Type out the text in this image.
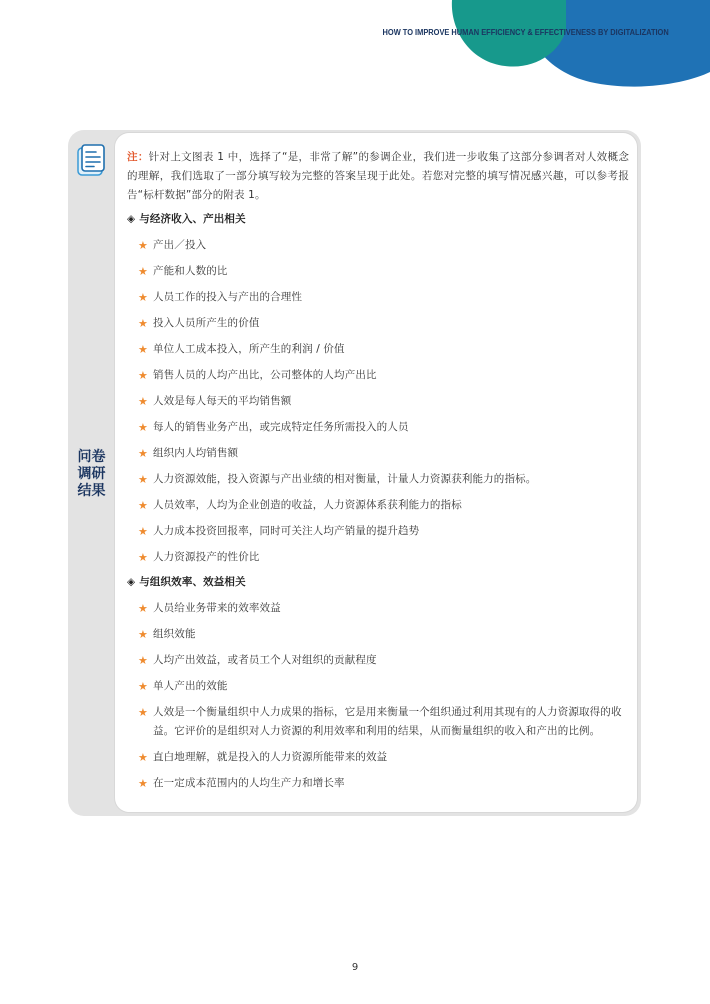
HOW TO IMPROVE HUMAN EFFICIENCY & EFFECTIVENESS BY DIGITALIZATION
问卷调研结果

注：针对上文图表 1 中，选择了“是，非常了解”的参调企业，我们进一步收集了这部分参调者对人效概念的理解，我们选取了一部分填写较为完整的答案呈现于此处。若您对完整的填写情况感兴趣，可以参考报告“标杆数据”部分的附表 1。

◈ 与经济收入、产出相关
★ 产出／投入
★ 产能和人数的比
★ 人员工作的投入与产出的合理性
★ 投入人员所产生的价值
★ 单位人工成本投入，所产生的利润 / 价值
★ 销售人员的人均产出比，公司整体的人均产出比
★ 人效是每人每天的平均销售额
★ 每人的销售业务产出，或完成特定任务所需投入的人员
★ 组织内人均销售额
★ 人力资源效能，投入资源与产出业绩的相对衡量，计量人力资源获利能力的指标。
★ 人员效率，人均为企业创造的收益，人力资源体系获利能力的指标
★ 人力成本投资回报率，同时可关注人均产销量的提升趋势
★ 人力资源投产的性价比
◈ 与组织效率、效益相关
★ 人员给业务带来的效率效益
★ 组织效能
★ 人均产出效益，或者员工个人对组织的贡献程度
★ 单人产出的效能
★ 人效是一个衡量组织中人力成果的指标，它是用来衡量一个组织通过利用其现有的人力资源取得的收益。它评价的是组织对人力资源的利用效率和利用的结果，从而衡量组织的收入和产出的比例。
★ 直白地理解，就是投入的人力资源所能带来的效益
★ 在一定成本范围内的人均生产力和增长率
9
